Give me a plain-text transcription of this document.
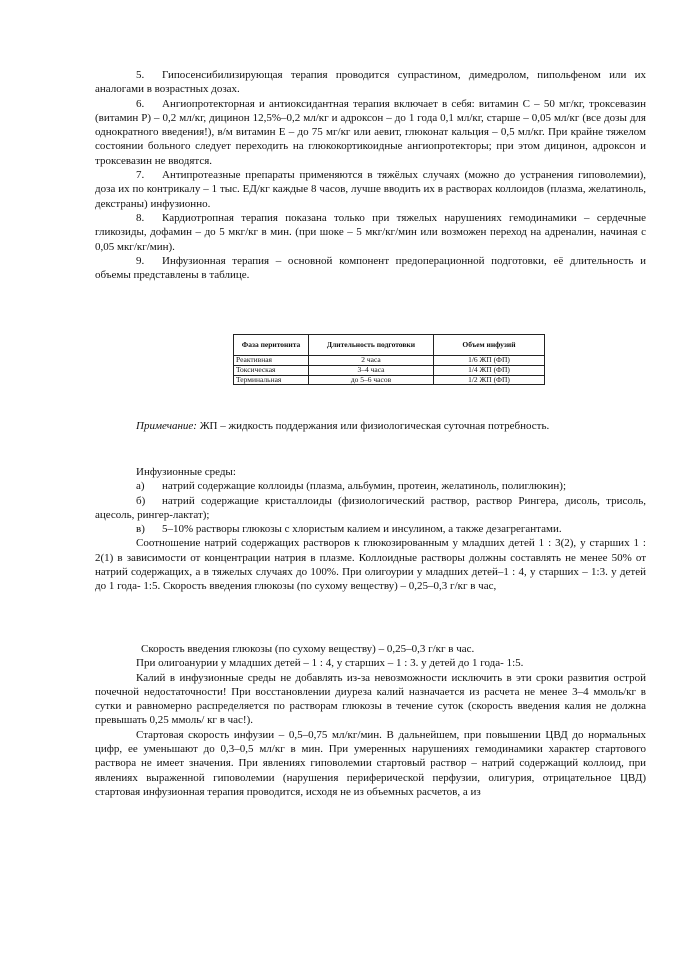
5. Гипосенсибилизирующая терапия проводится супрастином, димедролом, пипольфеном или их аналогами в возрастных дозах.

6. Ангиопротекторная и антиоксидантная терапия включает в себя: витамин С – 50 мг/кг, троксевазин (витамин Р) – 0,2 мл/кг, дицинон 12,5%–0,2 мл/кг и адроксон – до 1 года 0,1 мл/кг, старше – 0,05 мл/кг (все дозы для однократного введения!), в/м витамин Е – до 75 мг/кг или аевит, глюконат кальция – 0,5 мл/кг. При крайне тяжелом состоянии больного следует переходить на глюкокортикоидные ангиопротекторы; при этом дицинон, адроксон и троксевазин не вводятся.

7. Антипротеазные препараты применяются в тяжёлых случаях (можно до устранения гиповолемии), доза их по контрикалу – 1 тыс. ЕД/кг каждые 8 часов, лучше вводить их в растворах коллоидов (плазма, желатиноль, декстраны) инфузионно.

8. Кардиотропная терапия показана только при тяжелых нарушениях гемодинамики – сердечные гликозиды, дофамин – до 5 мкг/кг в мин. (при шоке – 5 мкг/кг/мин или возможен переход на адреналин, начиная с 0,05 мкг/кг/мин).

9. Инфузионная терапия – основной компонент предоперационной подготовки, её длительность и объемы представлены в таблице.

Фаза перитонита	Длительность подготовки	Объем инфузий
Реактивная	2 часа	1/6 ЖП (ФП)
Токсическая	3–4 часа	1/4 ЖП (ФП)
Терминальная	до 5–6 часов	1/2 ЖП (ФП)

Примечание: ЖП – жидкость поддержания или физиологическая суточная потребность.

Инфузионные среды:

а) натрий содержащие коллоиды (плазма, альбумин, протеин, желатиноль, полиглюкин);

б) натрий содержащие кристаллоиды (физиологический раствор, раствор Рингера, дисоль, трисоль, ацесоль, рингер-лактат);

в) 5–10% растворы глюкозы с хлористым калием и инсулином, а также дезагрегантами.

Соотношение натрий содержащих растворов к глюкозированным у младших детей 1 : 3(2), у старших 1 : 2(1) в зависимости от концентрации натрия в плазме. Коллоидные растворы должны составлять не менее 50% от натрий содержащих, а в тяжелых случаях до 100%. При олигоурии у младших детей–1 : 4, у старших – 1:3. у детей до 1 года- 1:5. Скорость введения глюкозы (по сухому веществу) – 0,25–0,3 г/кг в час,

Скорость введения глюкозы (по сухому веществу) – 0,25–0,3 г/кг в час.

При олигоанурии у младших детей – 1 : 4, у старших – 1 : 3. у детей до 1 года- 1:5.

Калий в инфузионные среды не добавлять из-за невозможности исключить в эти сроки развития острой почечной недостаточности! При восстановлении диуреза калий назначается из расчета не менее 3–4 ммоль/кг в сутки и равномерно распределяется по растворам глюкозы в течение суток (скорость введения калия не должна превышать 0,25 ммоль/ кг в час!).

Стартовая скорость инфузии – 0,5–0,75 мл/кг/мин. В дальнейшем, при повышении ЦВД до нормальных цифр, ее уменьшают до 0,3–0,5 мл/кг в мин. При умеренных нарушениях гемодинамики характер стартового раствора не имеет значения. При явлениях гиповолемии стартовый раствор – натрий содержащий коллоид, при явлениях выраженной гиповолемии (нарушения периферической перфузии, олигурия, отрицательное ЦВД) стартовая инфузионная терапия проводится, исходя не из объемных расчетов, а из
